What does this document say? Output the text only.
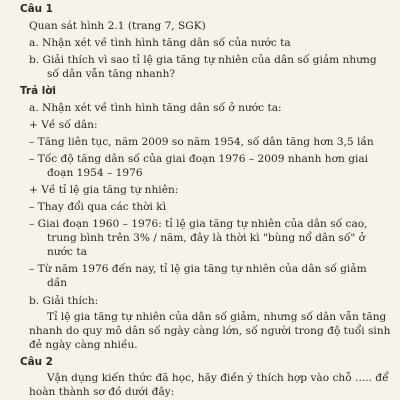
Câu 1
Quan sát hình 2.1 (trang 7, SGK)
a. Nhận xét về tình hình tăng dân số của nước ta
b. Giải thích vì sao tỉ lệ gia tăng tự nhiên của dân số giảm nhưng
số dân vẫn tăng nhanh?
Trả lời
a. Nhận xét về tình hình tăng dân số ở nước ta:
+ Về số dân:
– Tăng liên tục, năm 2009 so năm 1954, số dân tăng hơn 3,5 lần
– Tốc độ tăng dân số của giai đoạn 1976 – 2009 nhanh hơn giai
đoạn 1954 – 1976
+ Về tỉ lệ gia tăng tự nhiên:
– Thay đổi qua các thời kì
– Giai đoạn 1960 – 1976: tỉ lệ gia tăng tự nhiên của dân số cao,
trung bình trên 3% / năm, đây là thời kì "bùng nổ dân số" ở
nước ta
– Từ năm 1976 đến nay, tỉ lệ gia tăng tự nhiên của dân số giảm
dần
b. Giải thích:
Tỉ lệ gia tăng tự nhiên của dân số giảm, nhưng số dân vẫn tăng
nhanh do quy mô dân số ngày càng lớn, số người trong độ tuổi sinh
đẻ ngày càng nhiều.
Câu 2
Vận dụng kiến thức đã học, hãy điền ý thích hợp vào chỗ ..... để
hoàn thành sơ đồ dưới đây:
